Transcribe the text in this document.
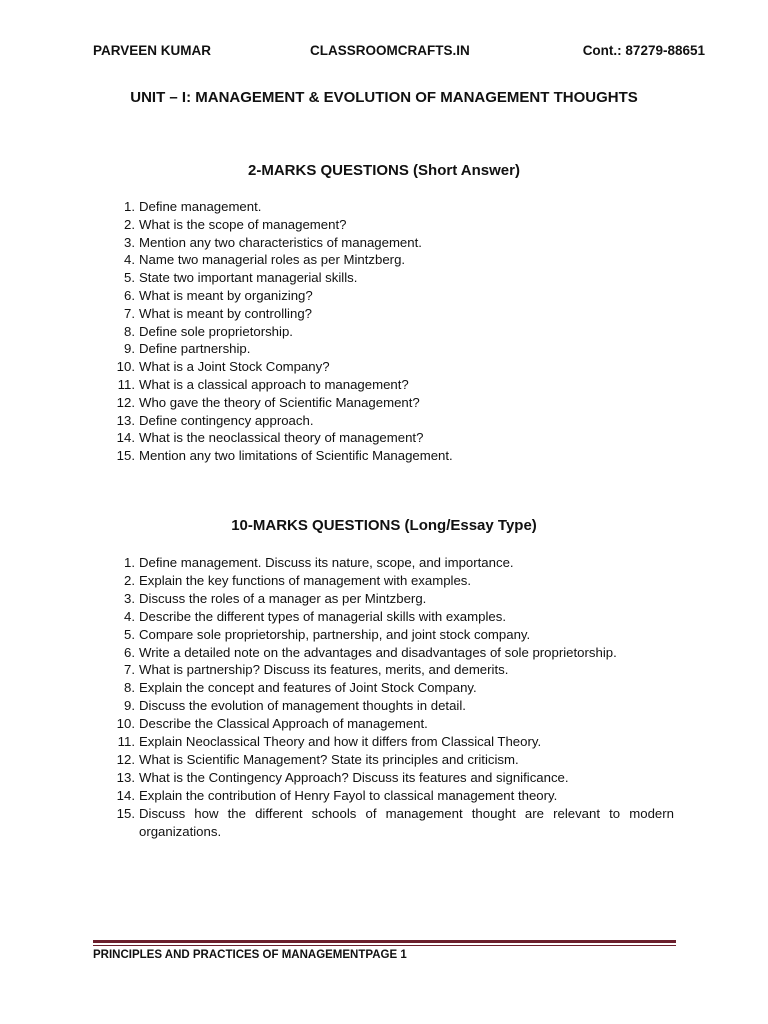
PARVEEN KUMAR	CLASSROOMCRAFTS.IN	Cont.: 87279-88651
UNIT – I: MANAGEMENT & EVOLUTION OF MANAGEMENT THOUGHTS
2-MARKS QUESTIONS (Short Answer)
1. Define management.
2. What is the scope of management?
3. Mention any two characteristics of management.
4. Name two managerial roles as per Mintzberg.
5. State two important managerial skills.
6. What is meant by organizing?
7. What is meant by controlling?
8. Define sole proprietorship.
9. Define partnership.
10. What is a Joint Stock Company?
11. What is a classical approach to management?
12. Who gave the theory of Scientific Management?
13. Define contingency approach.
14. What is the neoclassical theory of management?
15. Mention any two limitations of Scientific Management.
10-MARKS QUESTIONS (Long/Essay Type)
1. Define management. Discuss its nature, scope, and importance.
2. Explain the key functions of management with examples.
3. Discuss the roles of a manager as per Mintzberg.
4. Describe the different types of managerial skills with examples.
5. Compare sole proprietorship, partnership, and joint stock company.
6. Write a detailed note on the advantages and disadvantages of sole proprietorship.
7. What is partnership? Discuss its features, merits, and demerits.
8. Explain the concept and features of Joint Stock Company.
9. Discuss the evolution of management thoughts in detail.
10. Describe the Classical Approach of management.
11. Explain Neoclassical Theory and how it differs from Classical Theory.
12. What is Scientific Management? State its principles and criticism.
13. What is the Contingency Approach? Discuss its features and significance.
14. Explain the contribution of Henry Fayol to classical management theory.
15. Discuss how the different schools of management thought are relevant to modern organizations.
PRINCIPLES AND PRACTICES OF MANAGEMENTPAGE 1
